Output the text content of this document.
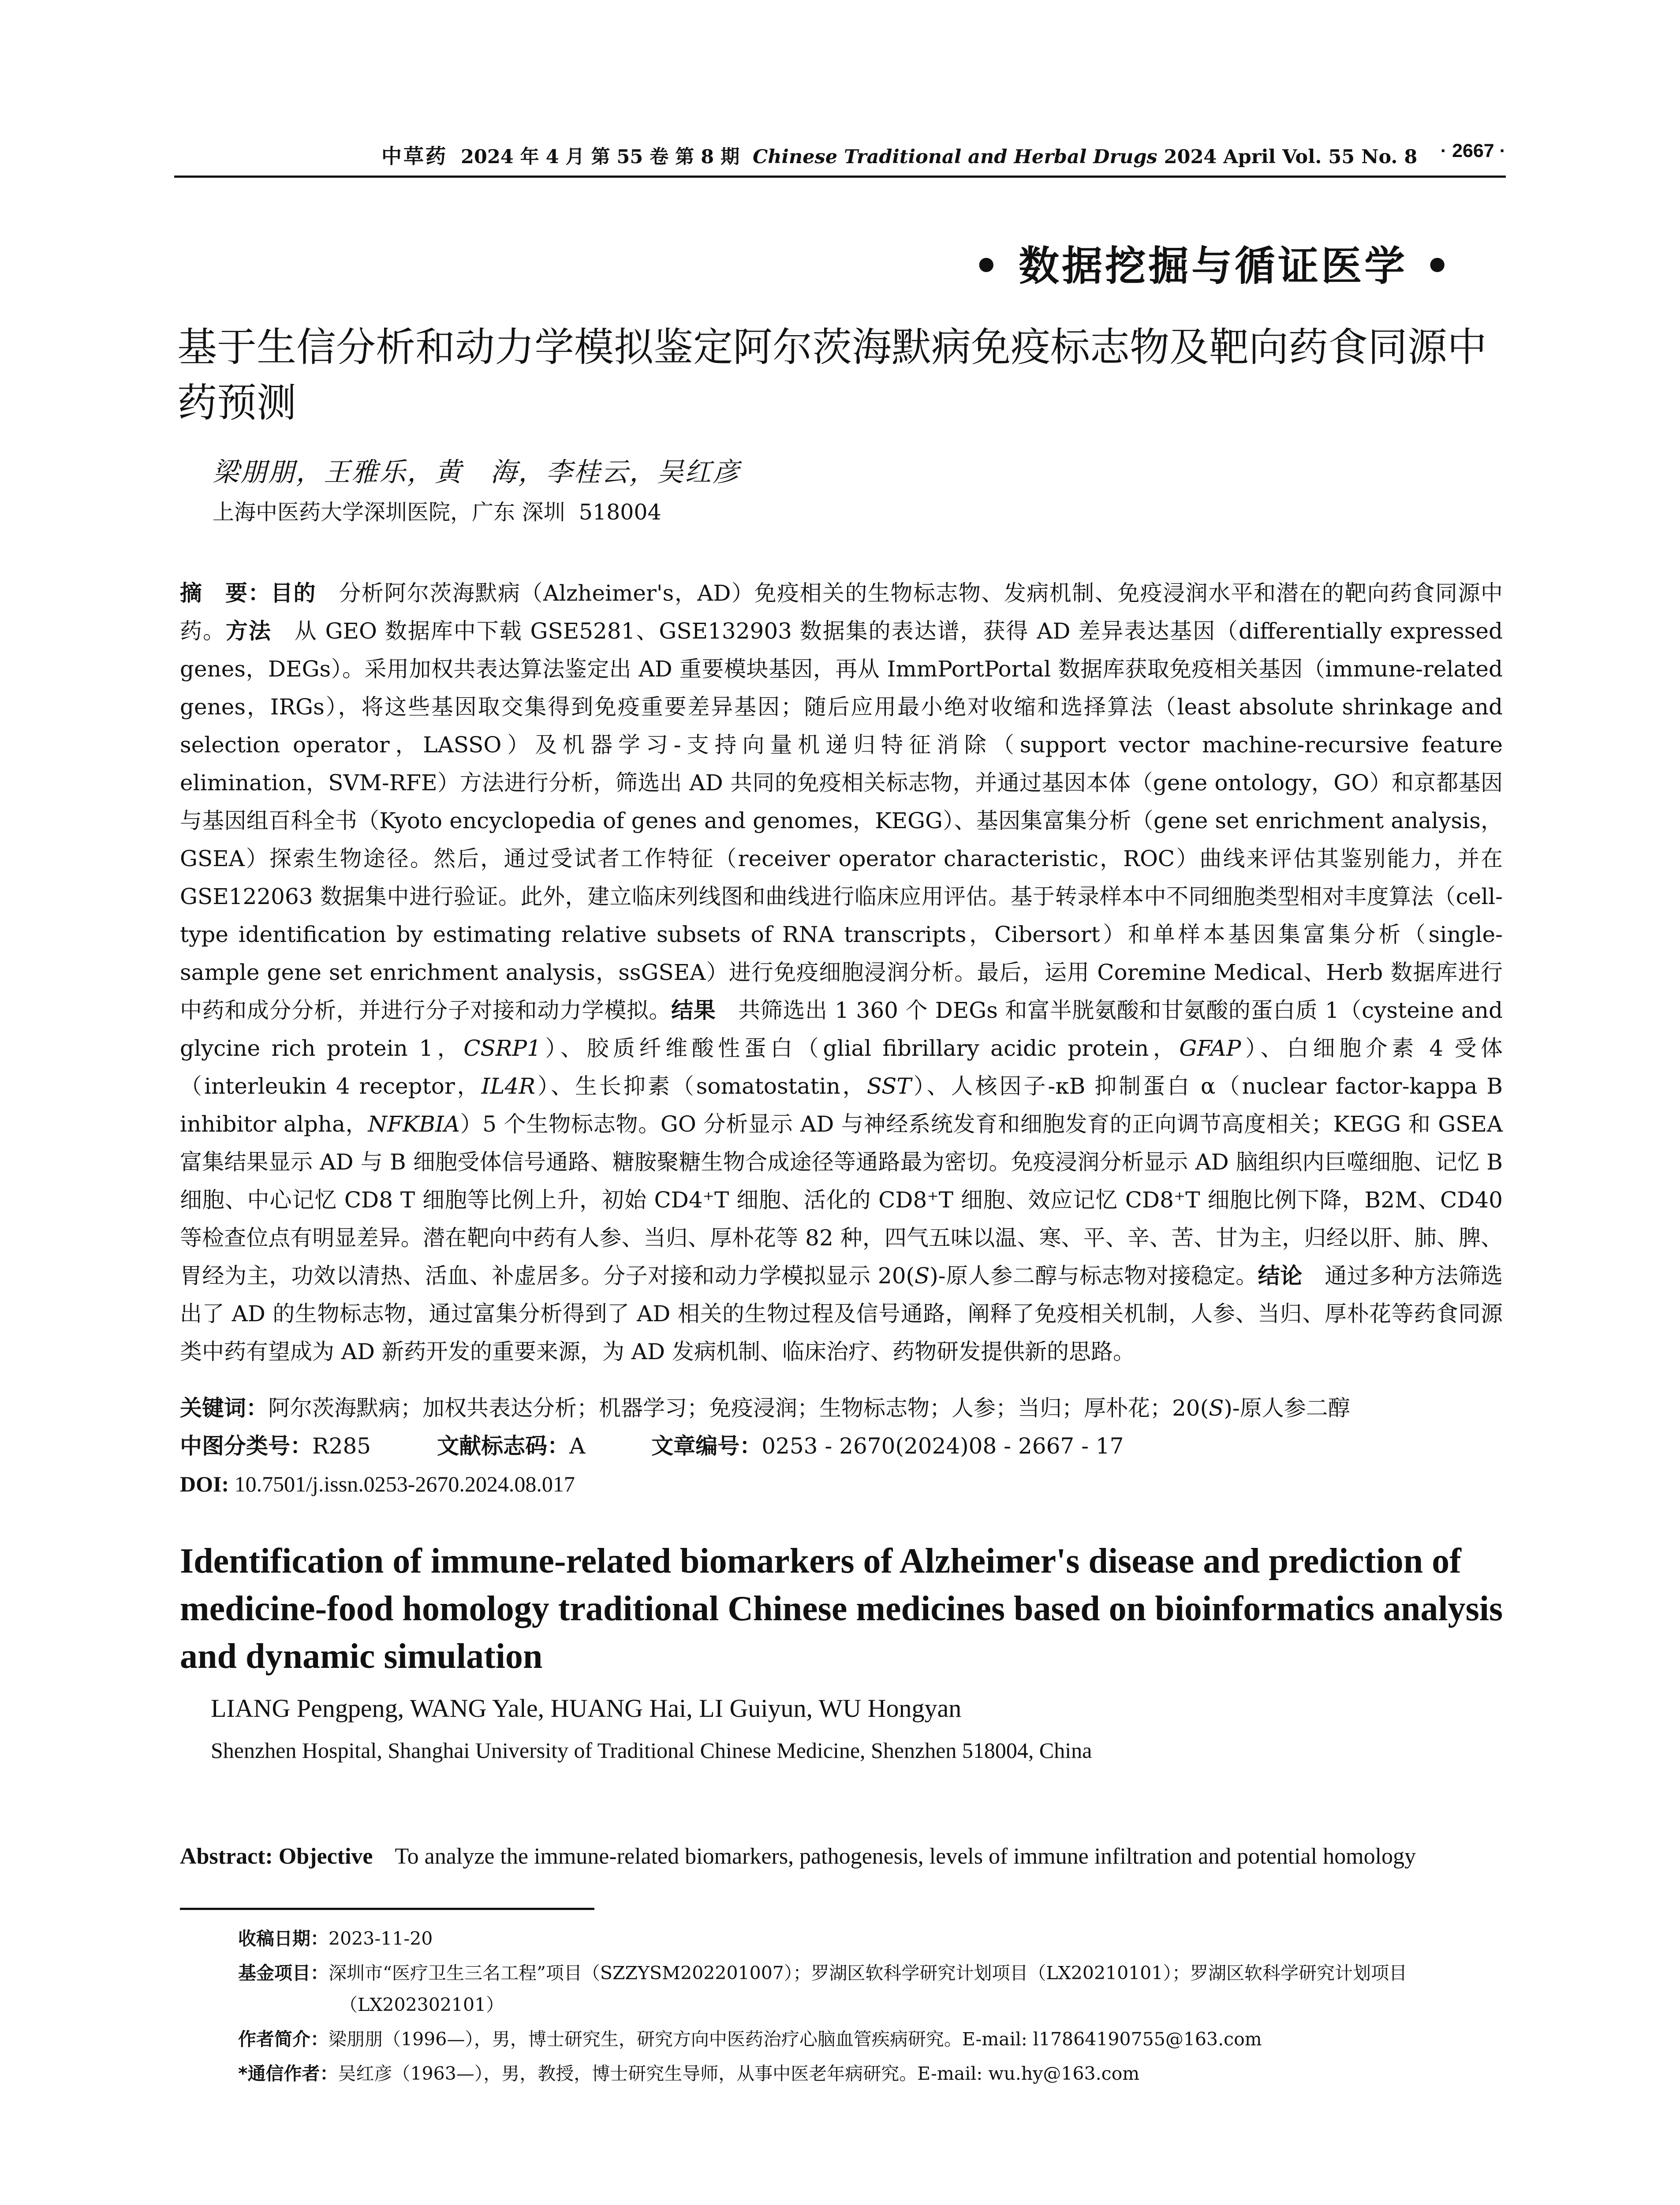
中草药 2024 年 4 月 第 55 卷 第 8 期 Chinese Traditional and Herbal Drugs 2024 April Vol. 55 No. 8 · 2667 ·
• 数据挖掘与循证医学 •
基于生信分析和动力学模拟鉴定阿尔茨海默病免疫标志物及靶向药食同源中药预测
梁朋朋，王雅乐，黄　海，李桂云，吴红彦
上海中医药大学深圳医院，广东 深圳  518004
摘　要：目的  分析阿尔茨海默病（Alzheimer's，AD）免疫相关的生物标志物、发病机制、免疫浸润水平和潜在的靶向药食同源中药。方法  从 GEO 数据库中下载 GSE5281、GSE132903 数据集的表达谱，获得 AD 差异表达基因（differentially expressed genes，DEGs）。采用加权共表达算法鉴定出 AD 重要模块基因，再从 ImmPortPortal 数据库获取免疫相关基因（immune-related genes，IRGs），将这些基因取交集得到免疫重要差异基因；随后应用最小绝对收缩和选择算法（least absolute shrinkage and selection operator，LASSO）及机器学习-支持向量机递归特征消除（support vector machine-recursive feature elimination，SVM-RFE）方法进行分析，筛选出 AD 共同的免疫相关标志物，并通过基因本体（gene ontology，GO）和京都基因与基因组百科全书（Kyoto encyclopedia of genes and genomes，KEGG）、基因集富集分析（gene set enrichment analysis，GSEA）探索生物途径。然后，通过受试者工作特征（receiver operator characteristic，ROC）曲线来评估其鉴别能力，并在 GSE122063 数据集中进行验证。此外，建立临床列线图和曲线进行临床应用评估。基于转录样本中不同细胞类型相对丰度算法（cell-type identification by estimating relative subsets of RNA transcripts，Cibersort）和单样本基因集富集分析（single-sample gene set enrichment analysis，ssGSEA）进行免疫细胞浸润分析。最后，运用 Coremine Medical、Herb 数据库进行中药和成分分析，并进行分子对接和动力学模拟。结果  共筛选出 1 360 个 DEGs 和富半胱氨酸和甘氨酸的蛋白质 1（cysteine and glycine rich protein 1，CSRP1）、胶质纤维酸性蛋白（glial fibrillary acidic protein，GFAP）、白细胞介素 4 受体（interleukin 4 receptor，IL4R）、生长抑素（somatostatin，SST）、人核因子-κB 抑制蛋白 α（nuclear factor-kappa B inhibitor alpha，NFKBIA）5 个生物标志物。GO 分析显示 AD 与神经系统发育和细胞发育的正向调节高度相关；KEGG 和 GSEA 富集结果显示 AD 与 B 细胞受体信号通路、糖胺聚糖生物合成途径等通路最为密切。免疫浸润分析显示 AD 脑组织内巨噬细胞、记忆 B 细胞、中心记忆 CD8 T 细胞等比例上升，初始 CD4⁺T 细胞、活化的 CD8⁺T 细胞、效应记忆 CD8⁺T 细胞比例下降，B2M、CD40 等检查位点有明显差异。潜在靶向中药有人参、当归、厚朴花等 82 种，四气五味以温、寒、平、辛、苦、甘为主，归经以肝、肺、脾、胃经为主，功效以清热、活血、补虚居多。分子对接和动力学模拟显示 20(S)-原人参二醇与标志物对接稳定。结论  通过多种方法筛选出了 AD 的生物标志物，通过富集分析得到了 AD 相关的生物过程及信号通路，阐释了免疫相关机制，人参、当归、厚朴花等药食同源类中药有望成为 AD 新药开发的重要来源，为 AD 发病机制、临床治疗、药物研发提供新的思路。
关键词：阿尔茨海默病；加权共表达分析；机器学习；免疫浸润；生物标志物；人参；当归；厚朴花；20(S)-原人参二醇
中图分类号：R285	文献标志码：A	文章编号：0253 - 2670(2024)08 - 2667 - 17
DOI: 10.7501/j.issn.0253-2670.2024.08.017
Identification of immune-related biomarkers of Alzheimer's disease and prediction of medicine-food homology traditional Chinese medicines based on bioinformatics analysis and dynamic simulation
LIANG Pengpeng, WANG Yale, HUANG Hai, LI Guiyun, WU Hongyan
Shenzhen Hospital, Shanghai University of Traditional Chinese Medicine, Shenzhen 518004, China
Abstract: Objective To analyze the immune-related biomarkers, pathogenesis, levels of immune infiltration and potential homology
收稿日期：2023-11-20
基金项目：深圳市“医疗卫生三名工程”项目（SZZYSM202201007）；罗湖区软科学研究计划项目（LX20210101）；罗湖区软科学研究计划项目（LX202302101）
作者简介：梁朋朋（1996—），男，博士研究生，研究方向中医药治疗心脑血管疾病研究。E-mail: l17864190755@163.com
*通信作者：吴红彦（1963—），男，教授，博士研究生导师，从事中医老年病研究。E-mail: wu.hy@163.com
